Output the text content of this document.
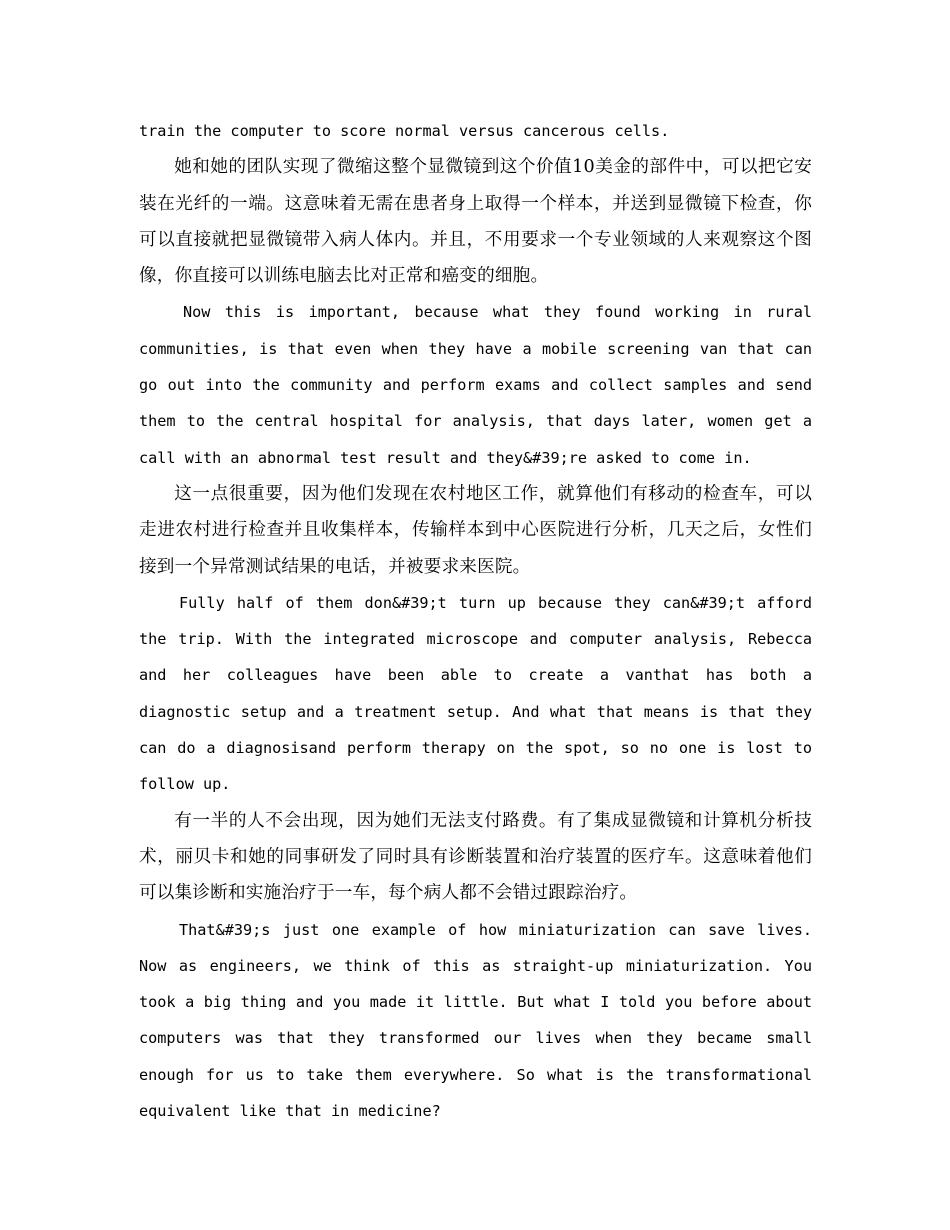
train the computer to score normal versus cancerous cells.

她和她的团队实现了微缩这整个显微镜到这个价值10美金的部件中，可以把它安装在光纤的一端。这意味着无需在患者身上取得一个样本，并送到显微镜下检查，你可以直接就把显微镜带入病人体内。并且，不用要求一个专业领域的人来观察这个图像，你直接可以训练电脑去比对正常和癌变的细胞。

Now this is important, because what they found working in rural communities, is that even when they have a mobile screening van that can go out into the community and perform exams and collect samples and send them to the central hospital for analysis, that days later, women get a call with an abnormal test result and they&#39;re asked to come in.

这一点很重要，因为他们发现在农村地区工作，就算他们有移动的检查车，可以走进农村进行检查并且收集样本，传输样本到中心医院进行分析，几天之后，女性们接到一个异常测试结果的电话，并被要求来医院。

Fully half of them don&#39;t turn up because they can&#39;t afford the trip. With the integrated microscope and computer analysis, Rebecca and her colleagues have been able to create a vanthat has both a diagnostic setup and a treatment setup. And what that means is that they can do a diagnosisand perform therapy on the spot, so no one is lost to follow up.

有一半的人不会出现，因为她们无法支付路费。有了集成显微镜和计算机分析技术，丽贝卡和她的同事研发了同时具有诊断装置和治疗装置的医疗车。这意味着他们可以集诊断和实施治疗于一车，每个病人都不会错过跟踪治疗。

That&#39;s just one example of how miniaturization can save lives. Now as engineers, we think of this as straight-up miniaturization. You took a big thing and you made it little. But what I told you before about computers was that they transformed our lives when they became small enough for us to take them everywhere. So what is the transformational equivalent like that in medicine?
